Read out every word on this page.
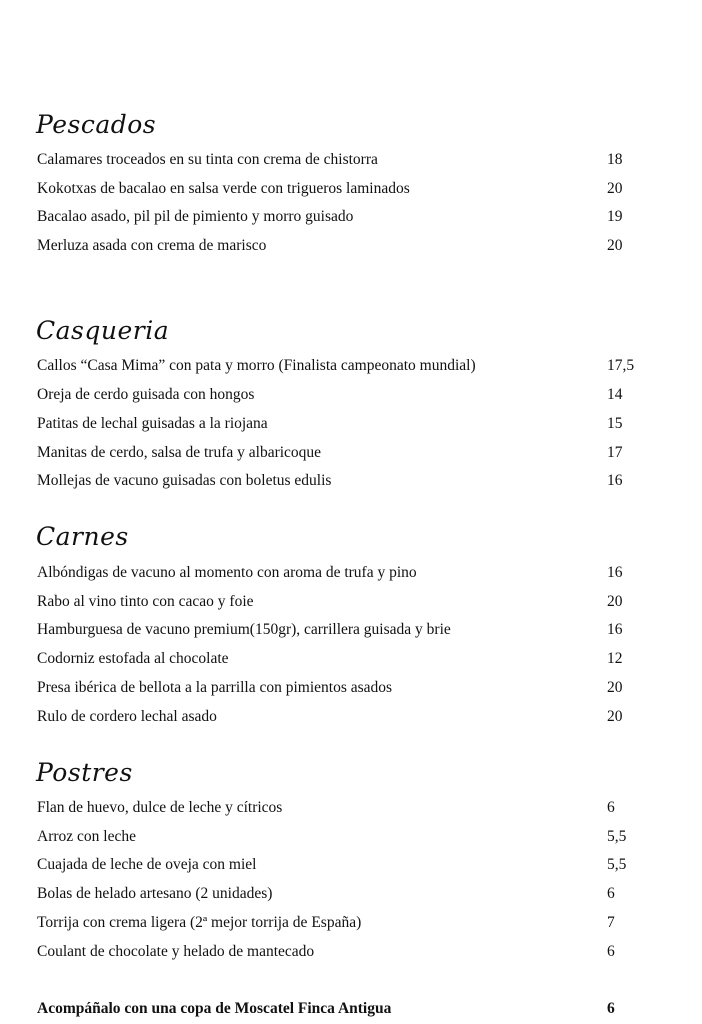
Pescados
Calamares troceados en su tinta con crema de chistorra	18
Kokotxas de bacalao en salsa verde con trigueros laminados	20
Bacalao asado, pil pil de pimiento y morro guisado	19
Merluza asada con crema de marisco	20
Casqueria
Callos “Casa Mima” con pata y morro (Finalista campeonato mundial)	17,5
Oreja de cerdo guisada con hongos	14
Patitas de lechal guisadas a la riojana	15
Manitas de cerdo, salsa de trufa y albaricoque	17
Mollejas de vacuno guisadas con boletus edulis	16
Carnes
Albóndigas de vacuno al momento con aroma de trufa y pino	16
Rabo al vino tinto con cacao y foie	20
Hamburguesa de vacuno premium(150gr), carrillera guisada y brie	16
Codorniz estofada al chocolate	12
Presa ibérica de bellota a la parrilla con pimientos asados	20
Rulo de cordero lechal asado	20
Postres
Flan de huevo, dulce de leche y cítricos	6
Arroz con leche	5,5
Cuajada de leche de oveja con miel	5,5
Bolas de helado artesano (2 unidades)	6
Torrija con crema ligera (2ª mejor torrija de España)	7
Coulant de chocolate y helado de mantecado	6
Acompáñalo con una copa de Moscatel Finca Antigua	6
